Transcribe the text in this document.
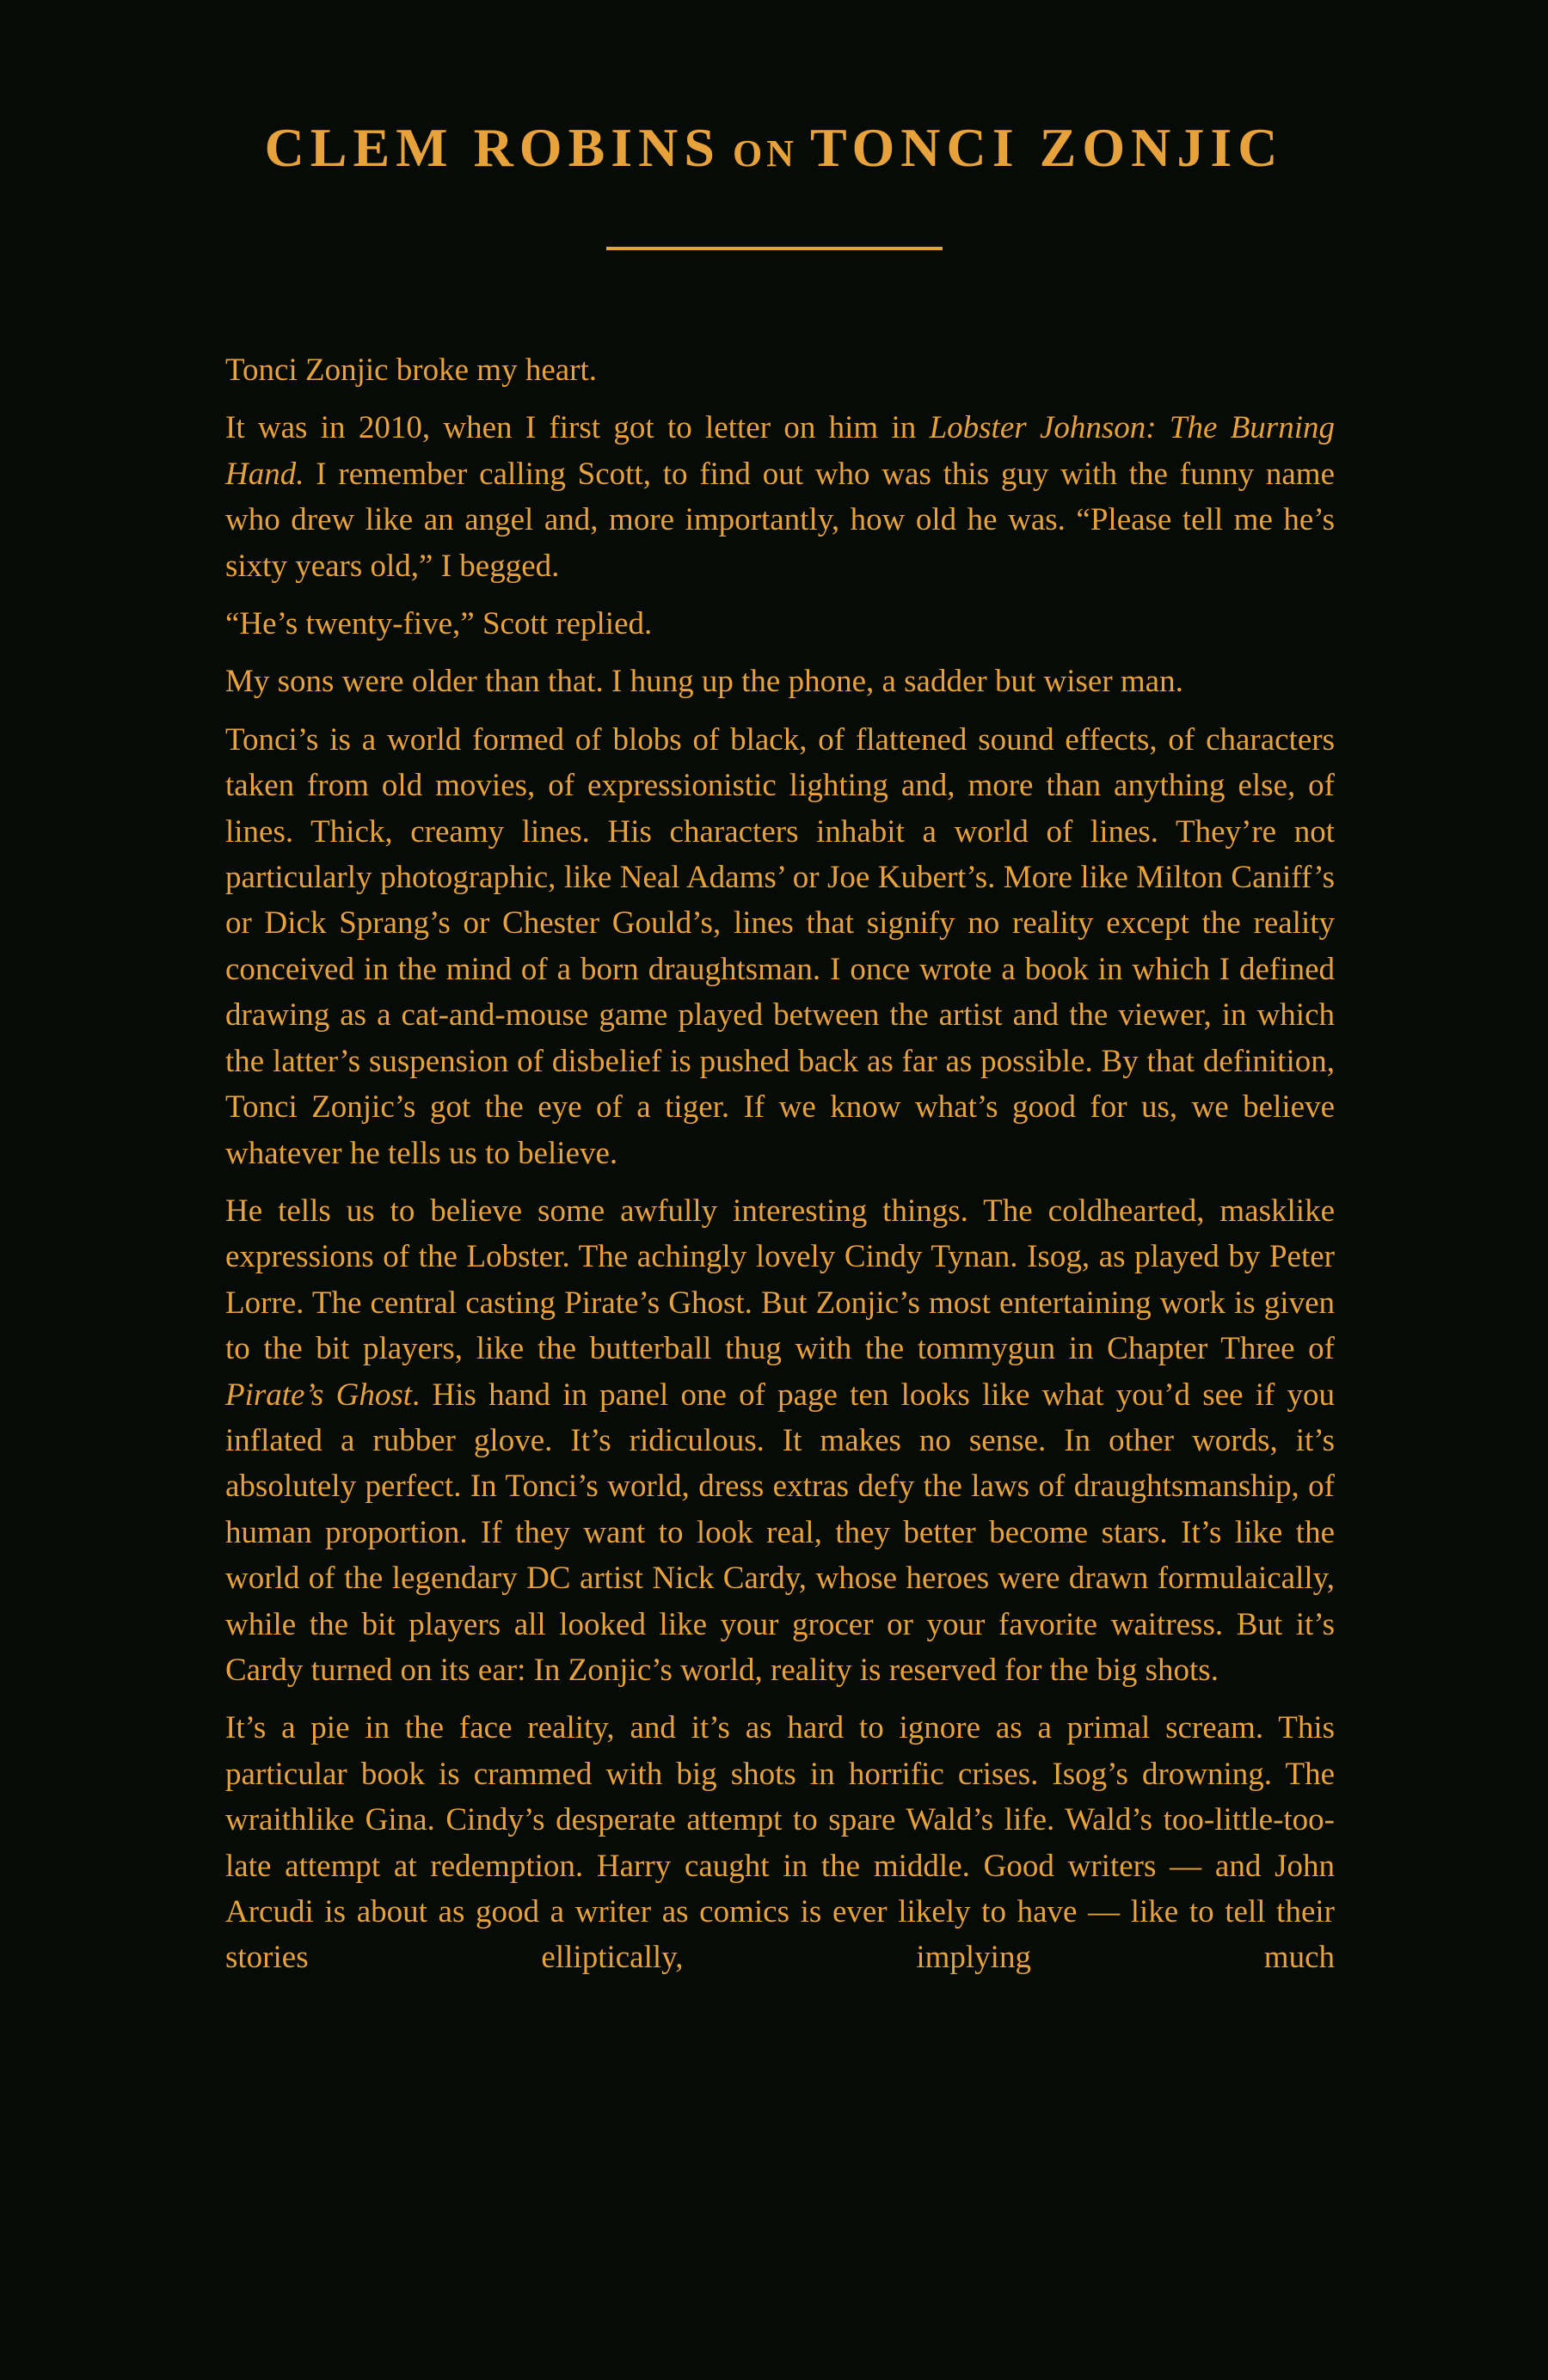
CLEM ROBINS ON TONCI ZONJIC

Tonci Zonjic broke my heart.

It was in 2010, when I first got to letter on him in Lobster Johnson: The Burning Hand. I remember calling Scott, to find out who was this guy with the funny name who drew like an angel and, more importantly, how old he was. “Please tell me he’s sixty years old,” I begged.

“He’s twenty-five,” Scott replied.

My sons were older than that. I hung up the phone, a sadder but wiser man.

Tonci’s is a world formed of blobs of black, of flattened sound effects, of characters taken from old movies, of expressionistic lighting and, more than anything else, of lines. Thick, creamy lines. His characters inhabit a world of lines. They’re not particularly photographic, like Neal Adams’ or Joe Kubert’s. More like Milton Caniff’s or Dick Sprang’s or Chester Gould’s, lines that signify no reality except the reality conceived in the mind of a born draughtsman. I once wrote a book in which I defined drawing as a cat-and-mouse game played between the artist and the viewer, in which the latter’s suspension of disbelief is pushed back as far as possible. By that definition, Tonci Zonjic’s got the eye of a tiger. If we know what’s good for us, we believe whatever he tells us to believe.

He tells us to believe some awfully interesting things. The coldhearted, masklike expressions of the Lobster. The achingly lovely Cindy Tynan. Isog, as played by Peter Lorre. The central casting Pirate’s Ghost. But Zonjic’s most entertaining work is given to the bit players, like the butterball thug with the tommygun in Chapter Three of Pirate’s Ghost. His hand in panel one of page ten looks like what you’d see if you inflated a rubber glove. It’s ridiculous. It makes no sense. In other words, it’s absolutely perfect. In Tonci’s world, dress extras defy the laws of draughtsmanship, of human proportion. If they want to look real, they better become stars. It’s like the world of the legendary DC artist Nick Cardy, whose heroes were drawn formulaically, while the bit players all looked like your grocer or your favorite waitress. But it’s Cardy turned on its ear: In Zonjic’s world, reality is reserved for the big shots.

It’s a pie in the face reality, and it’s as hard to ignore as a primal scream. This particular book is crammed with big shots in horrific crises. Isog’s drowning. The wraithlike Gina. Cindy’s desperate attempt to spare Wald’s life. Wald’s too-little-too-late attempt at redemption. Harry caught in the middle. Good writers — and John Arcudi is about as good a writer as comics is ever likely to have — like to tell their stories elliptically, implying much
